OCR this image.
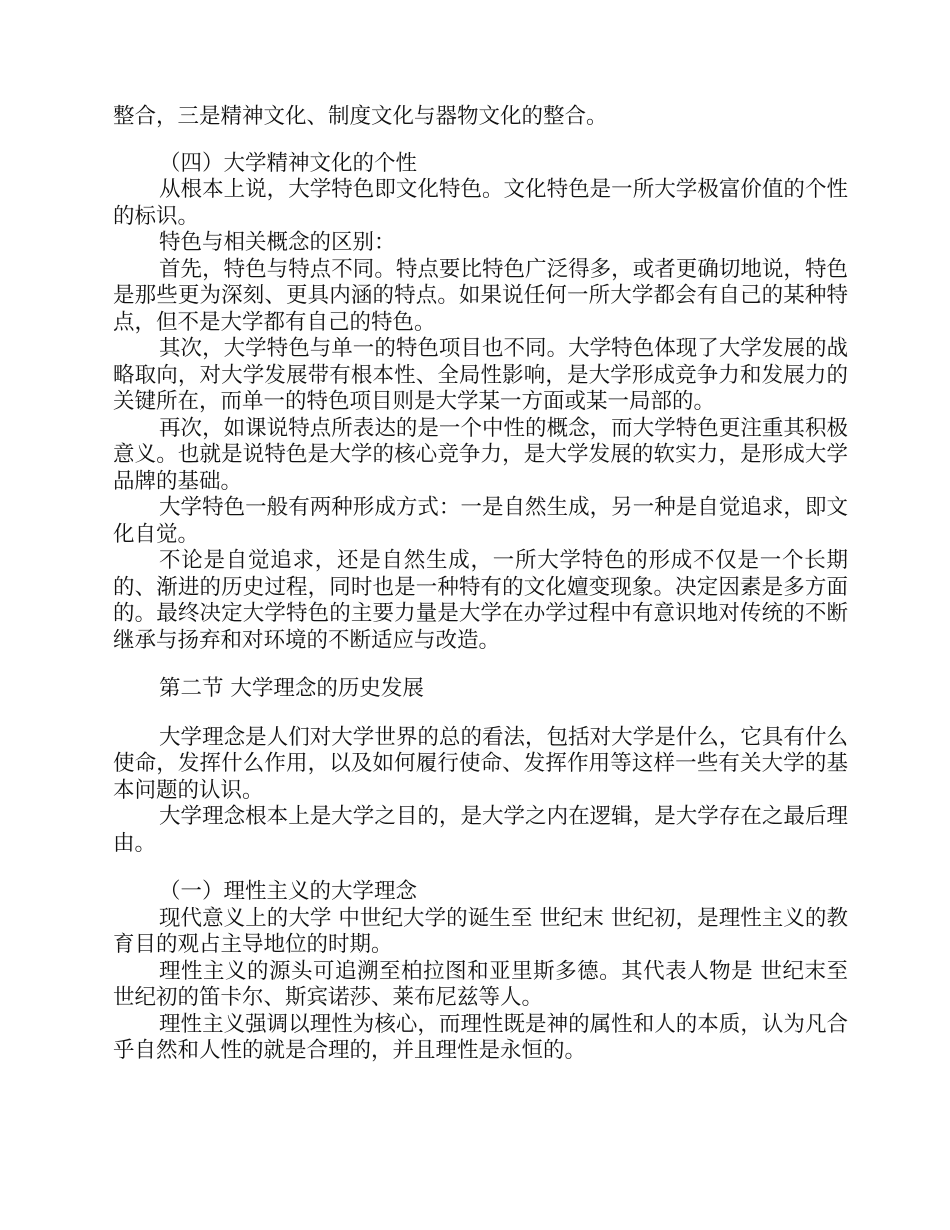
整合，三是精神文化、制度文化与器物文化的整合。

（四）大学精神文化的个性

从根本上说，大学特色即文化特色。文化特色是一所大学极富价值的个性的标识。

特色与相关概念的区别：

首先，特色与特点不同。特点要比特色广泛得多，或者更确切地说，特色是那些更为深刻、更具内涵的特点。如果说任何一所大学都会有自己的某种特点，但不是大学都有自己的特色。

其次，大学特色与单一的特色项目也不同。大学特色体现了大学发展的战略取向，对大学发展带有根本性、全局性影响，是大学形成竞争力和发展力的关键所在，而单一的特色项目则是大学某一方面或某一局部的。

再次，如课说特点所表达的是一个中性的概念，而大学特色更注重其积极意义。也就是说特色是大学的核心竞争力，是大学发展的软实力，是形成大学品牌的基础。

大学特色一般有两种形成方式：一是自然生成，另一种是自觉追求，即文化自觉。

不论是自觉追求，还是自然生成，一所大学特色的形成不仅是一个长期的、渐进的历史过程，同时也是一种特有的文化嬗变现象。决定因素是多方面的。最终决定大学特色的主要力量是大学在办学过程中有意识地对传统的不断继承与扬弃和对环境的不断适应与改造。

第二节 大学理念的历史发展

大学理念是人们对大学世界的总的看法，包括对大学是什么，它具有什么使命，发挥什么作用，以及如何履行使命、发挥作用等这样一些有关大学的基本问题的认识。

大学理念根本上是大学之目的，是大学之内在逻辑，是大学存在之最后理由。

（一）理性主义的大学理念

现代意义上的大学 中世纪大学的诞生至 世纪末 世纪初，是理性主义的教育目的观占主导地位的时期。

理性主义的源头可追溯至柏拉图和亚里斯多德。其代表人物是 世纪末至 世纪初的笛卡尔、斯宾诺莎、莱布尼兹等人。

理性主义强调以理性为核心，而理性既是神的属性和人的本质，认为凡合乎自然和人性的就是合理的，并且理性是永恒的。
